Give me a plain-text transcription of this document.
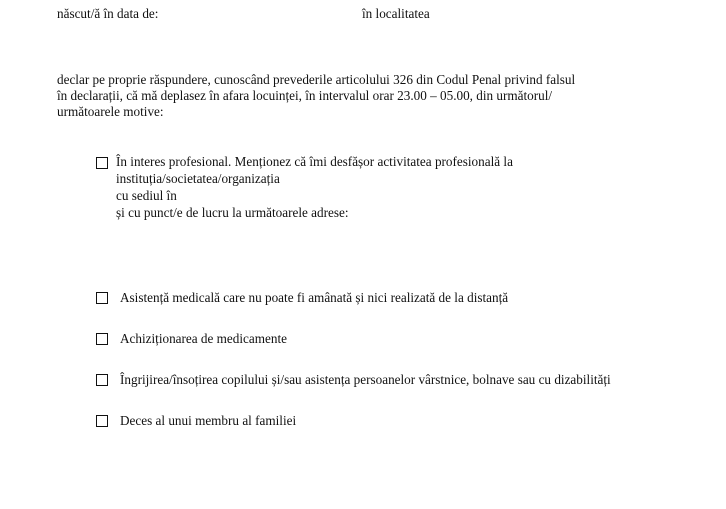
născut/ă în data de:	în localitatea
declar pe proprie răspundere, cunoscând prevederile articolului 326 din Codul Penal privind falsul
în declarații, că mă deplasez în afara locuinței, în intervalul orar 23.00 – 05.00, din următorul/
următoarele motive:
În interes profesional. Menționez că îmi desfășor activitatea profesională la
instituția/societatea/organizația
cu sediul în
și cu punct/e de lucru la următoarele adrese:
Asistență medicală care nu poate fi amânată și nici realizată de la distanță
Achiziționarea de medicamente
Îngrijirea/însoțirea copilului și/sau asistența persoanelor vârstnice, bolnave sau cu dizabilități
Deces al unui membru al familiei
